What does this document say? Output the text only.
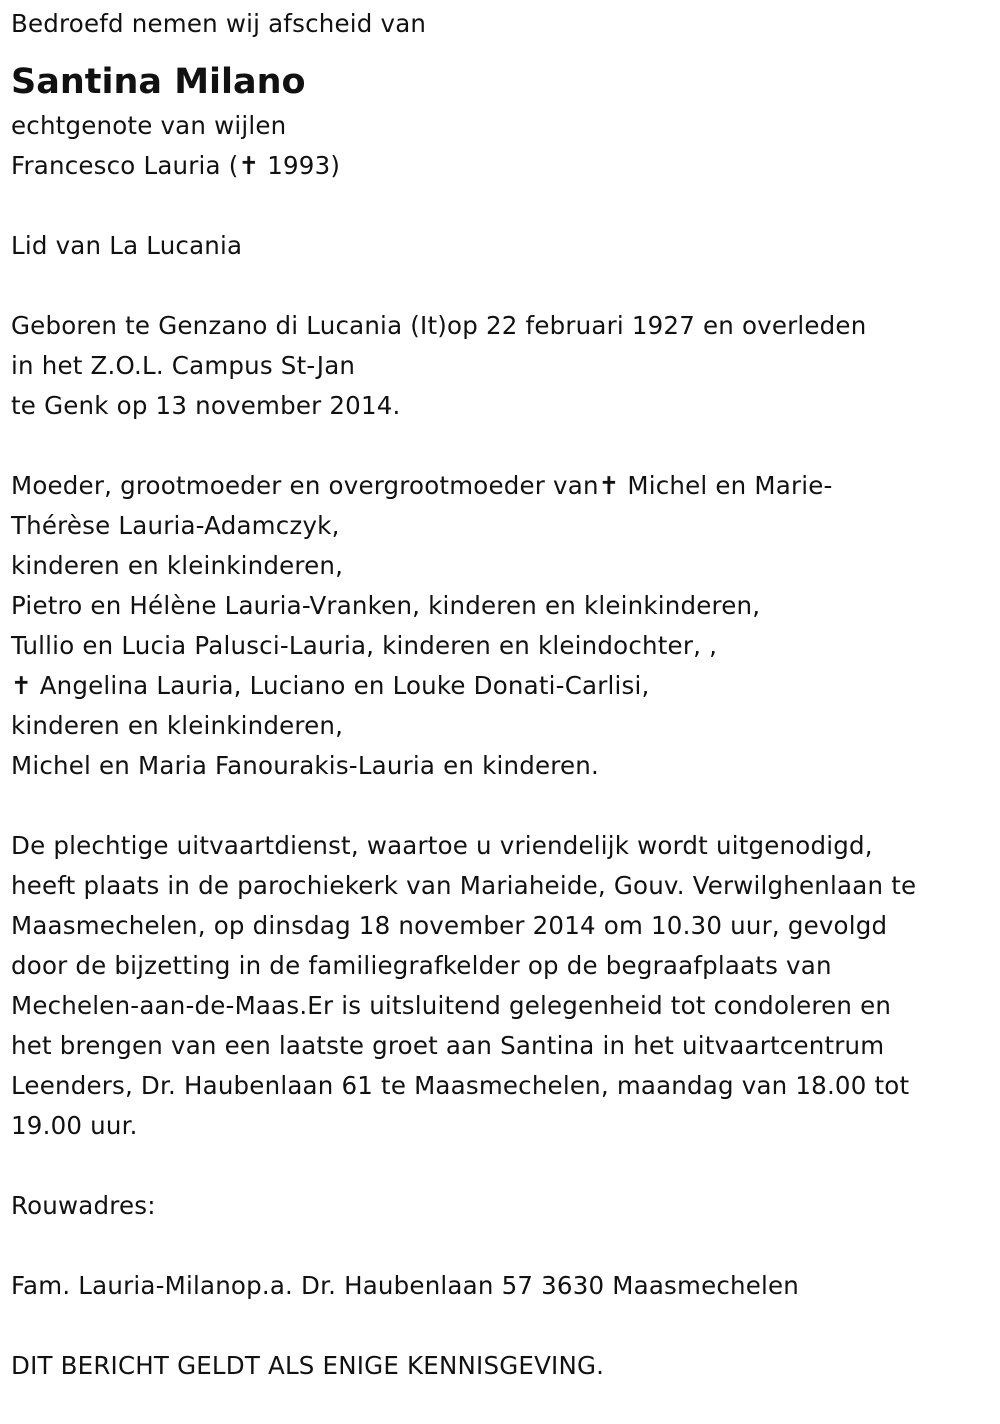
Bedroefd nemen wij afscheid van
Santina Milano
echtgenote van wijlen
Francesco Lauria (✝ 1993)
Lid van La Lucania
Geboren te Genzano di Lucania (It)op 22 februari 1927 en overleden
in het Z.O.L. Campus St-Jan
te Genk op 13 november 2014.
Moeder, grootmoeder en overgrootmoeder van✝ Michel en Marie-
Thérèse Lauria-Adamczyk,
kinderen en kleinkinderen,
Pietro en Hélène Lauria-Vranken, kinderen en kleinkinderen,
Tullio en Lucia Palusci-Lauria, kinderen en kleindochter, ,
✝ Angelina Lauria, Luciano en Louke Donati-Carlisi,
kinderen en kleinkinderen,
Michel en Maria Fanourakis-Lauria en kinderen.
De plechtige uitvaartdienst, waartoe u vriendelijk wordt uitgenodigd,
heeft plaats in de parochiekerk van Mariaheide, Gouv. Verwilghenlaan te
Maasmechelen, op dinsdag 18 november 2014 om 10.30 uur, gevolgd
door de bijzetting in de familiegrafkelder op de begraafplaats van
Mechelen-aan-de-Maas.Er is uitsluitend gelegenheid tot condoleren en
het brengen van een laatste groet aan Santina in het uitvaartcentrum
Leenders, Dr. Haubenlaan 61 te Maasmechelen, maandag van 18.00 tot
19.00 uur.
Rouwadres:
Fam. Lauria-Milanop.a. Dr. Haubenlaan 57 3630 Maasmechelen
DIT BERICHT GELDT ALS ENIGE KENNISGEVING.
